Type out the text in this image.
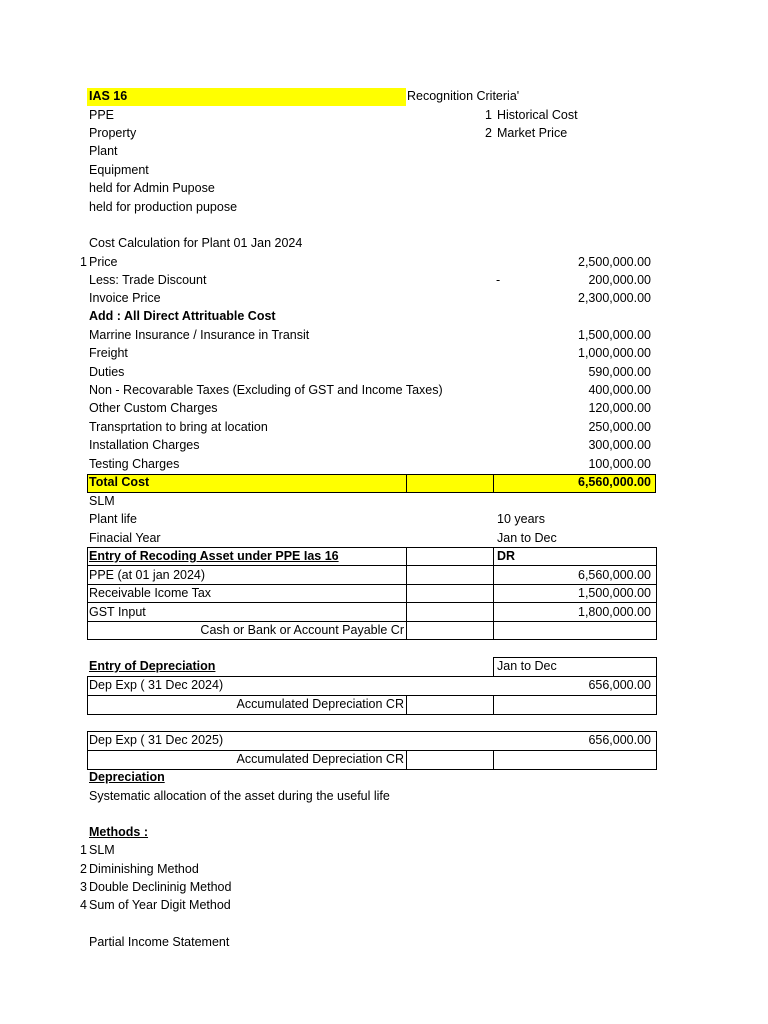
IAS 16	Recognition Criteria'
1 Historical Cost
2 Market Price
PPE
Property
Plant
Equipment
held for Admin Pupose
held for production pupose
Cost Calculation for Plant 01 Jan 2024
1 Price	2,500,000.00
Less: Trade Discount	-	200,000.00
Invoice Price	2,300,000.00
Add : All Direct Attrituable Cost
Marrine Insurance / Insurance in Transit	1,500,000.00
Freight	1,000,000.00
Duties	590,000.00
Non - Recovarable Taxes (Excluding of GST and Income Taxes)	400,000.00
Other Custom Charges	120,000.00
Transprtation to bring at location	250,000.00
Installation Charges	300,000.00
Testing Charges	100,000.00
Total Cost	6,560,000.00
SLM
Plant life	10 years
Finacial Year	Jan to Dec
Entry of Recoding Asset under PPE Ias 16	DR
PPE (at 01 jan 2024)	6,560,000.00
Receivable Icome Tax	1,500,000.00
GST Input	1,800,000.00
Cash or Bank or Account Payable Cr
Entry of Depreciation	Jan to Dec
Dep Exp ( 31 Dec 2024)	656,000.00
Accumulated Depreciation CR
Dep Exp ( 31 Dec 2025)	656,000.00
Accumulated Depreciation CR
Depreciation
Systematic allocation of the asset during the useful life
Methods :
1 SLM
2 Diminishing Method
3 Double Declininig Method
4 Sum of Year Digit Method
Partial Income Statement
